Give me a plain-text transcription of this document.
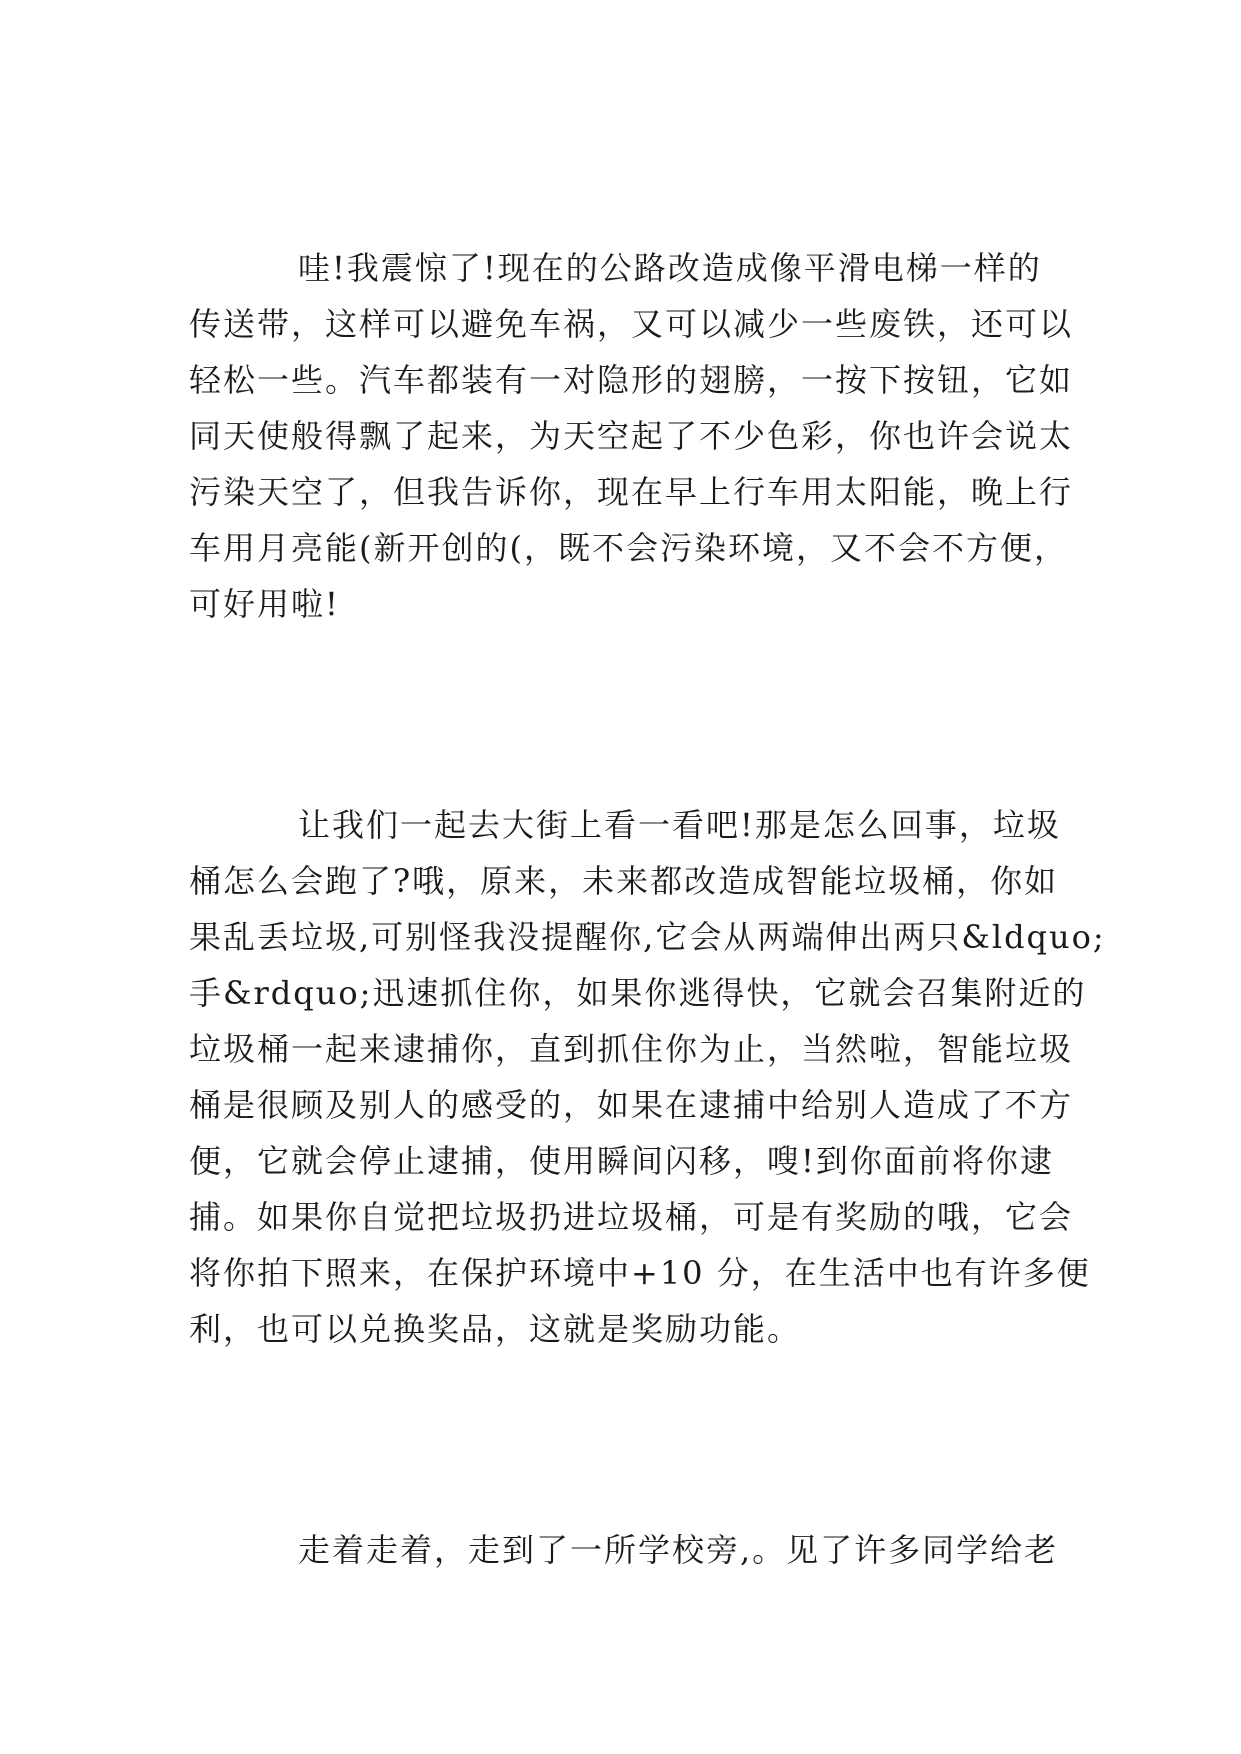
哇!我震惊了!现在的公路改造成像平滑电梯一样的
传送带，这样可以避免车祸，又可以减少一些废铁，还可以
轻松一些。汽车都装有一对隐形的翅膀，一按下按钮，它如
同天使般得飘了起来，为天空起了不少色彩，你也许会说太
污染天空了，但我告诉你，现在早上行车用太阳能，晚上行
车用月亮能(新开创的(，既不会污染环境，又不会不方便，
可好用啦!
让我们一起去大街上看一看吧!那是怎么回事，垃圾
桶怎么会跑了?哦，原来，未来都改造成智能垃圾桶，你如
果乱丢垃圾,可别怪我没提醒你,它会从两端伸出两只&ldquo;
手&rdquo;迅速抓住你，如果你逃得快，它就会召集附近的
垃圾桶一起来逮捕你，直到抓住你为止，当然啦，智能垃圾
桶是很顾及别人的感受的，如果在逮捕中给别人造成了不方
便，它就会停止逮捕，使用瞬间闪移，嗖!到你面前将你逮
捕。如果你自觉把垃圾扔进垃圾桶，可是有奖励的哦，它会
将你拍下照来，在保护环境中+10 分，在生活中也有许多便
利，也可以兑换奖品，这就是奖励功能。
走着走着，走到了一所学校旁,。见了许多同学给老
